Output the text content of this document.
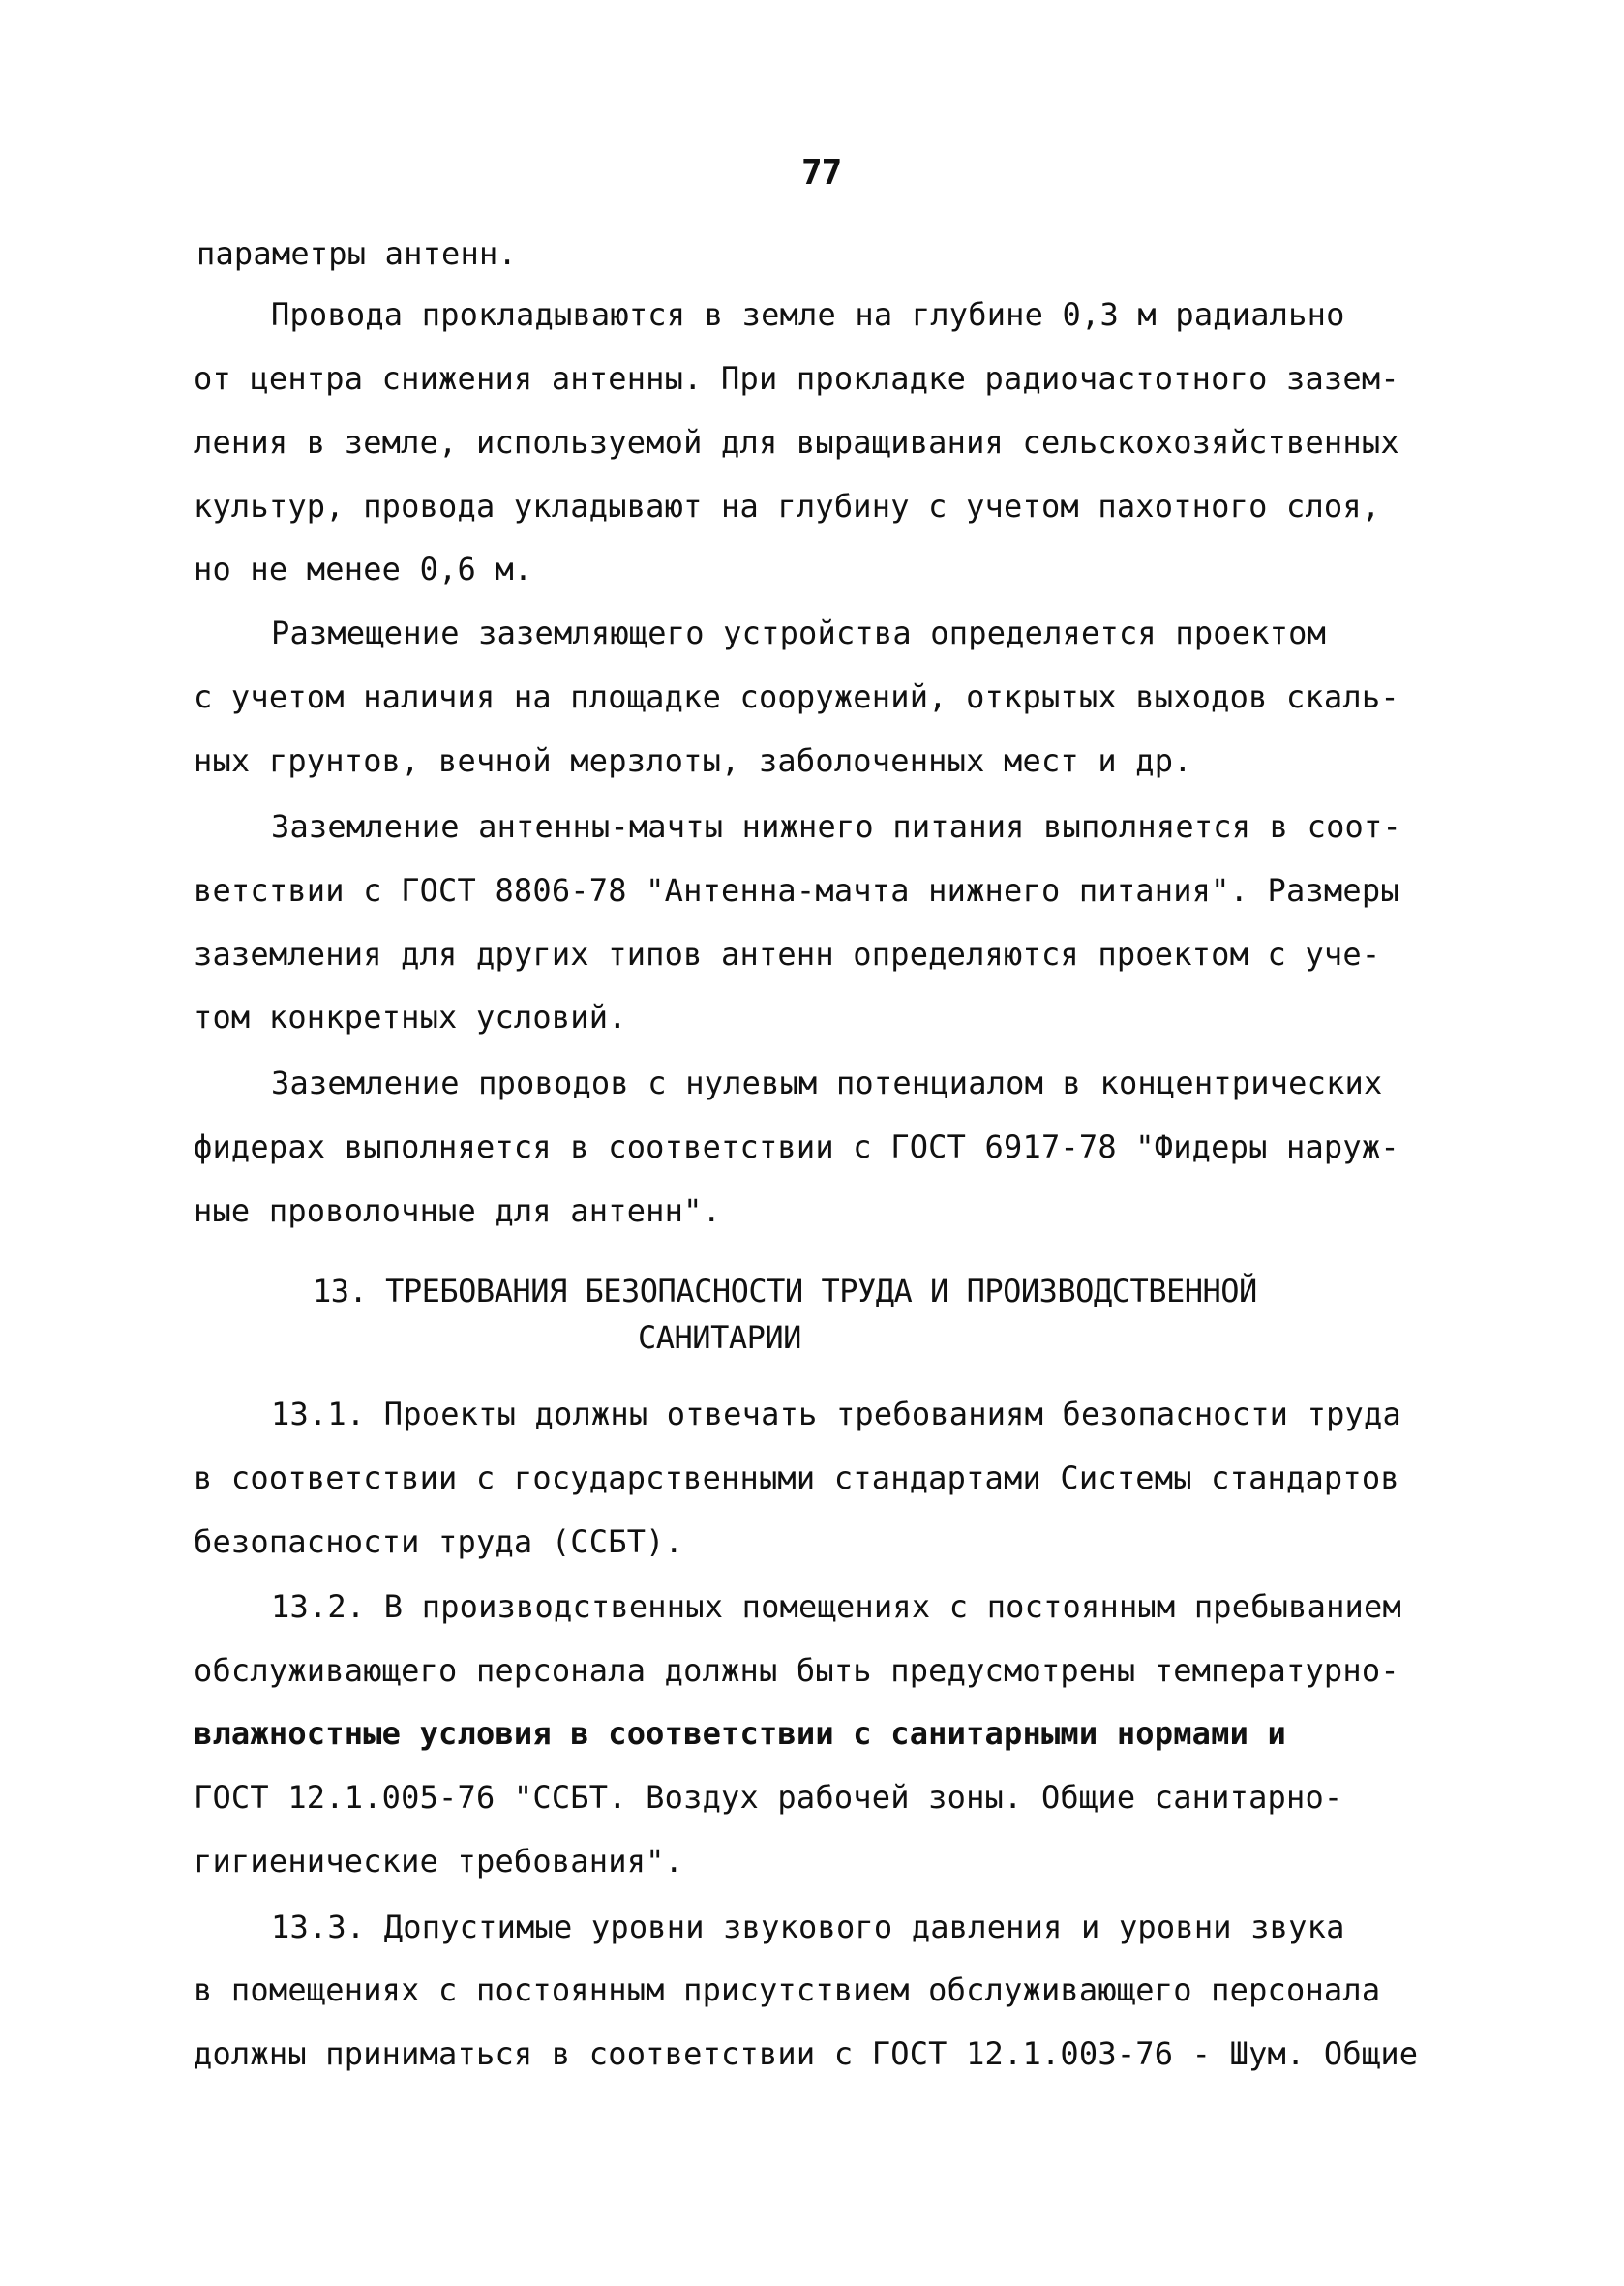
77
параметры антенн.
Провода прокладываются в земле на глубине 0,3 м радиально
от центра снижения антенны. При прокладке радиочастотного зазем-
ления в земле, используемой для выращивания сельскохозяйственных
культур, провода укладывают на глубину с учетом пахотного слоя,
но не менее 0,6 м.
Размещение заземляющего устройства определяется проектом
с учетом наличия на площадке сооружений, открытых выходов скаль-
ных грунтов, вечной мерзлоты, заболоченных мест и др.
Заземление антенны-мачты нижнего питания выполняется в соот-
ветствии с ГОСТ 8806-78 "Антенна-мачта нижнего питания". Размеры
заземления для других типов антенн определяются проектом с уче-
том конкретных условий.
Заземление проводов с нулевым потенциалом в концентрических
фидерах выполняется в соответствии с ГОСТ 6917-78 "Фидеры наруж-
ные проволочные для антенн".
13. ТРЕБОВАНИЯ БЕЗОПАСНОСТИ ТРУДА И ПРОИЗВОДСТВЕННОЙ
САНИТАРИИ
13.1. Проекты должны отвечать требованиям безопасности труда
в соответствии с государственными стандартами Системы стандартов
безопасности труда (ССБТ).
13.2. В производственных помещениях с постоянным пребыванием
обслуживающего персонала должны быть предусмотрены температурно-
влажностные условия в соответствии с санитарными нормами и
ГОСТ 12.1.005-76 "ССБТ. Воздух рабочей зоны. Общие санитарно-
гигиенические требования".
13.3. Допустимые уровни звукового давления и уровни звука
в помещениях с постоянным присутствием обслуживающего персонала
должны приниматься в соответствии с ГОСТ 12.1.003-76 - Шум. Общие
